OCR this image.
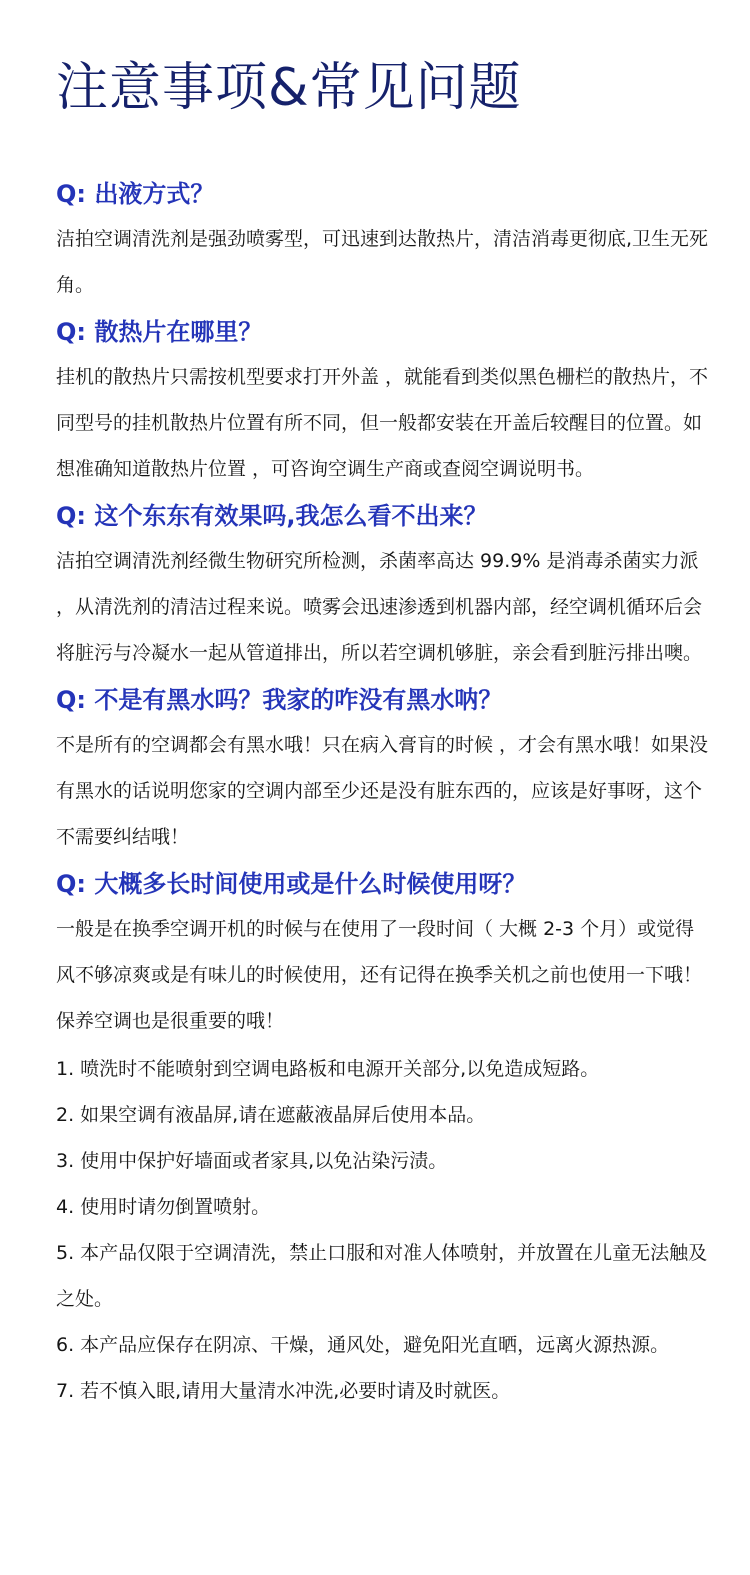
注意事项&常见问题

Q: 出液方式？

洁拍空调清洗剂是强劲喷雾型，可迅速到达散热片，清洁消毒更彻底,卫生无死角。

Q: 散热片在哪里？

挂机的散热片只需按机型要求打开外盖 ，就能看到类似黑色栅栏的散热片，不同型号的挂机散热片位置有所不同，但一般都安装在开盖后较醒目的位置。如想准确知道散热片位置 ，可咨询空调生产商或查阅空调说明书。

Q: 这个东东有效果吗,我怎么看不出来？

洁拍空调清洗剂经微生物研究所检测，杀菌率高达 99.9% 是消毒杀菌实力派 ，从清洗剂的清洁过程来说。喷雾会迅速渗透到机器内部，经空调机循环后会将脏污与冷凝水一起从管道排出，所以若空调机够脏，亲会看到脏污排出噢。

Q: 不是有黑水吗？我家的咋没有黑水呐？

不是所有的空调都会有黑水哦！只在病入膏肓的时候 ，才会有黑水哦！如果没有黑水的话说明您家的空调内部至少还是没有脏东西的，应该是好事呀，这个不需要纠结哦！

Q: 大概多长时间使用或是什么时候使用呀？

一般是在换季空调开机的时候与在使用了一段时间（ 大概 2-3 个月）或觉得风不够凉爽或是有味儿的时候使用，还有记得在换季关机之前也使用一下哦！保养空调也是很重要的哦！

1. 喷洗时不能喷射到空调电路板和电源开关部分,以免造成短路。

2. 如果空调有液晶屏,请在遮蔽液晶屏后使用本品。

3. 使用中保护好墙面或者家具,以免沾染污渍。

4. 使用时请勿倒置喷射。

5. 本产品仅限于空调清洗，禁止口服和对准人体喷射，并放置在儿童无法触及之处。

6. 本产品应保存在阴凉、干燥，通风处，避免阳光直晒，远离火源热源。

7. 若不慎入眼,请用大量清水冲洗,必要时请及时就医。
